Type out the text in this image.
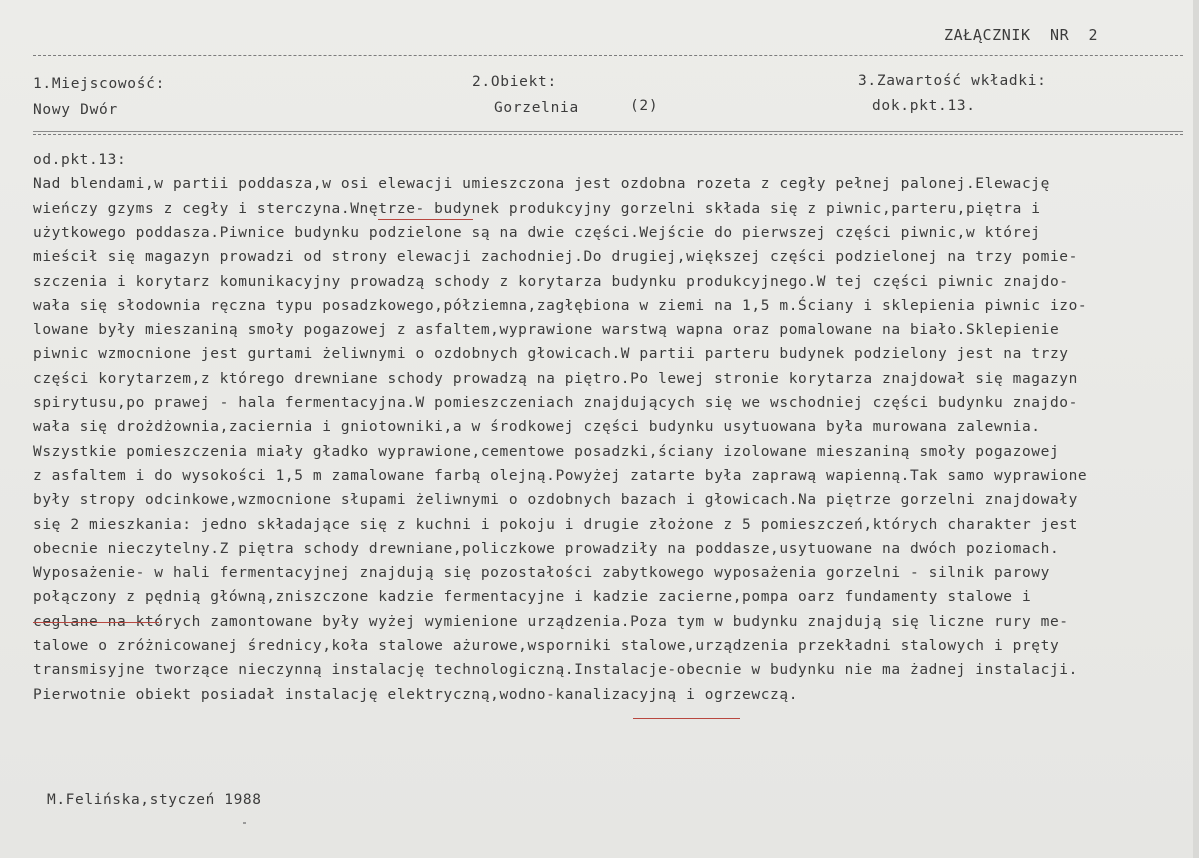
ZAŁĄCZNIK  NR  2
1.Miejscowość:
Nowy Dwór
2.Obiekt:
Gorzelnia	(2)
3.Zawartość wkładki:
dok.pkt.13.
od.pkt.13:
Nad blendami,w partii poddasza,w osi elewacji umieszczona jest ozdobna rozeta z cegły pełnej palonej.Elewację
wieńczy gzyms z cegły i sterczyna.Wnętrze- budynek produkcyjny gorzelni składa się z piwnic,parteru,piętra i
użytkowego poddasza.Piwnice budynku podzielone są na dwie części.Wejście do pierwszej części piwnic,w której
mieścił się magazyn prowadzi od strony elewacji zachodniej.Do drugiej,większej części podzielonej na trzy pomie-
szczenia i korytarz komunikacyjny prowadzą schody z korytarza budynku produkcyjnego.W tej części piwnic znajdo-
wała się słodownia ręczna typu posadzkowego,półziemna,zagłębiona w ziemi na 1,5 m.Ściany i sklepienia piwnic izo-
lowane były mieszaniną smoły pogazowej z asfaltem,wyprawione warstwą wapna oraz pomalowane na biało.Sklepienie
piwnic wzmocnione jest gurtami żeliwnymi o ozdobnych głowicach.W partii parteru budynek podzielony jest na trzy
części korytarzem,z którego drewniane schody prowadzą na piętro.Po lewej stronie korytarza znajdował się magazyn
spirytusu,po prawej - hala fermentacyjna.W pomieszczeniach znajdujących się we wschodniej części budynku znajdo-
wała się drożdżownia,zaciernia i gniotowniki,a w środkowej części budynku usytuowana była murowana zalewnia.
Wszystkie pomieszczenia miały gładko wyprawione,cementowe posadzki,ściany izolowane mieszaniną smoły pogazowej
z asfaltem i do wysokości 1,5 m zamalowane farbą olejną.Powyżej zatarte była zaprawą wapienną.Tak samo wyprawione
były stropy odcinkowe,wzmocnione słupami żeliwnymi o ozdobnych bazach i głowicach.Na piętrze gorzelni znajdowały
się 2 mieszkania: jedno składające się z kuchni i pokoju i drugie złożone z 5 pomieszczeń,których charakter jest
obecnie nieczytelny.Z piętra schody drewniane,policzkowe prowadziły na poddasze,usytuowane na dwóch poziomach.
Wyposażenie- w hali fermentacyjnej znajdują się pozostałości zabytkowego wyposażenia gorzelni - silnik parowy
połączony z pędnią główną,zniszczone kadzie fermentacyjne i kadzie zacierne,pompa oarz fundamenty stalowe i
ceglane na których zamontowane były wyżej wymienione urządzenia.Poza tym w budynku znajdują się liczne rury me-
talowe o zróżnicowanej średnicy,koła stalowe ażurowe,wsporniki stalowe,urządzenia przekładni stalowych i pręty
transmisyjne tworzące nieczynną instalację technologiczną.Instalacje-obecnie w budynku nie ma żadnej instalacji.
Pierwotnie obiekt posiadał instalację elektryczną,wodno-kanalizacyjną i ogrzewczą.
M.Felińska,styczeń 1988
